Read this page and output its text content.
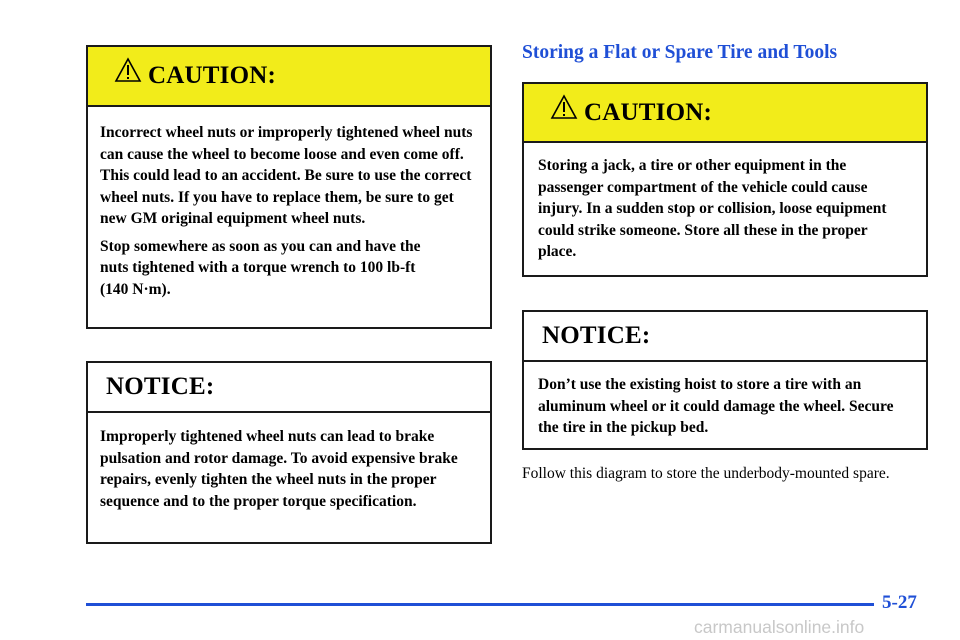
CAUTION:

Incorrect wheel nuts or improperly tightened wheel nuts can cause the wheel to become loose and even come off. This could lead to an accident. Be sure to use the correct wheel nuts. If you have to replace them, be sure to get new GM original equipment wheel nuts.

Stop somewhere as soon as you can and have the nuts tightened with a torque wrench to 100 lb-ft (140 N·m).

NOTICE:

Improperly tightened wheel nuts can lead to brake pulsation and rotor damage. To avoid expensive brake repairs, evenly tighten the wheel nuts in the proper sequence and to the proper torque specification.

Storing a Flat or Spare Tire and Tools
CAUTION:

Storing a jack, a tire or other equipment in the passenger compartment of the vehicle could cause injury. In a sudden stop or collision, loose equipment could strike someone. Store all these in the proper place.

NOTICE:

Don’t use the existing hoist to store a tire with an aluminum wheel or it could damage the wheel. Secure the tire in the pickup bed.

Follow this diagram to store the underbody-mounted spare.

5-27
carmanualsonline.info
